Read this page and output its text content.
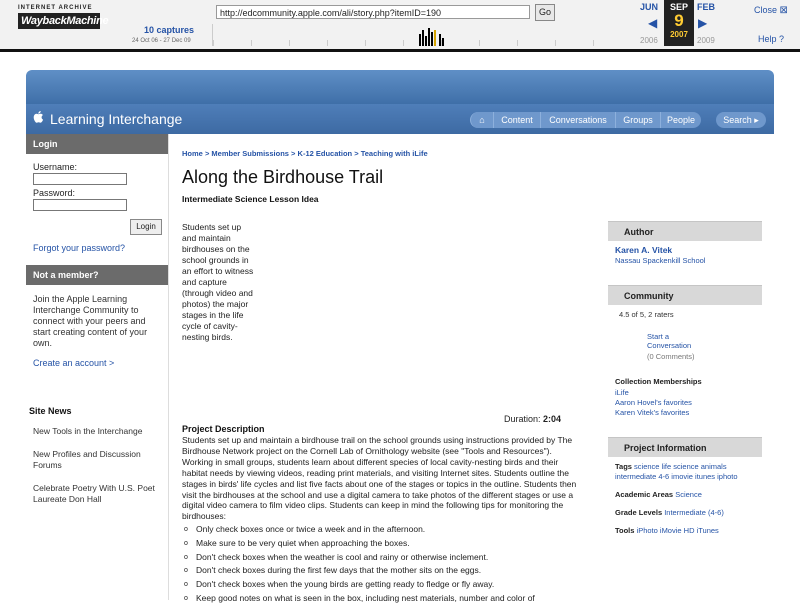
INTERNET ARCHIVE
WaybackMachine
http://edcommunity.apple.com/ali/story.php?itemID=190	Go
10 captures
24 Oct 06 - 27 Dec 09
JUN
◀
2006
SEP
9
2007
FEB
▶
2009
Close ⊠
Help ?
Learning Interchange	⌂	Content	Conversations	Groups	People	Search ▸
Login
Username:
Password:
Login
Forgot your password?
Not a member?
Join the Apple Learning Interchange Community to connect with your peers and start creating content of your own.
Create an account >
Site News
New Tools in the Interchange
New Profiles and Discussion Forums
Celebrate Poetry With U.S. Poet Laureate Don Hall
Home > Member Submissions > K-12 Education > Teaching with iLife
Along the Birdhouse Trail
Intermediate Science Lesson Idea
Students set up and maintain birdhouses on the school grounds in an effort to witness and capture (through video and photos) the major stages in the life cycle of cavity-nesting birds.
Duration: 2:04
Project Description
Students set up and maintain a birdhouse trail on the school grounds using instructions provided by The Birdhouse Network project on the Cornell Lab of Ornithology website (see "Tools and Resources"). Working in small groups, students learn about different species of local cavity-nesting birds and their habitat needs by viewing videos, reading print materials, and visiting Internet sites. Students outline the stages in birds' life cycles and list five facts about one of the stages or topics in the outline. Students then visit the birdhouses at the school and use a digital camera to take photos of the different stages or use a digital video camera to film video clips. Students can keep in mind the following tips for monitoring the birdhouses:
o Only check boxes once or twice a week and in the afternoon.
o Make sure to be very quiet when approaching the boxes.
o Don't check boxes when the weather is cool and rainy or otherwise inclement.
o Don't check boxes during the first few days that the mother sits on the eggs.
o Don't check boxes when the young birds are getting ready to fledge or fly away.
o Keep good notes on what is seen in the box, including nest materials, number and color of
Author
Karen A. Vitek
Nassau Spackenkill School
Community
4.5 of 5, 2 raters
Start a
Conversation
(0 Comments)
Collection Memberships
iLife
Aaron Hovel's favorites
Karen Vitek's favorites
Project Information
Tags science life science animals
intermediate 4-6 imovie itunes iphoto
Academic Areas Science
Grade Levels Intermediate (4-6)
Tools iPhoto iMovie HD iTunes
